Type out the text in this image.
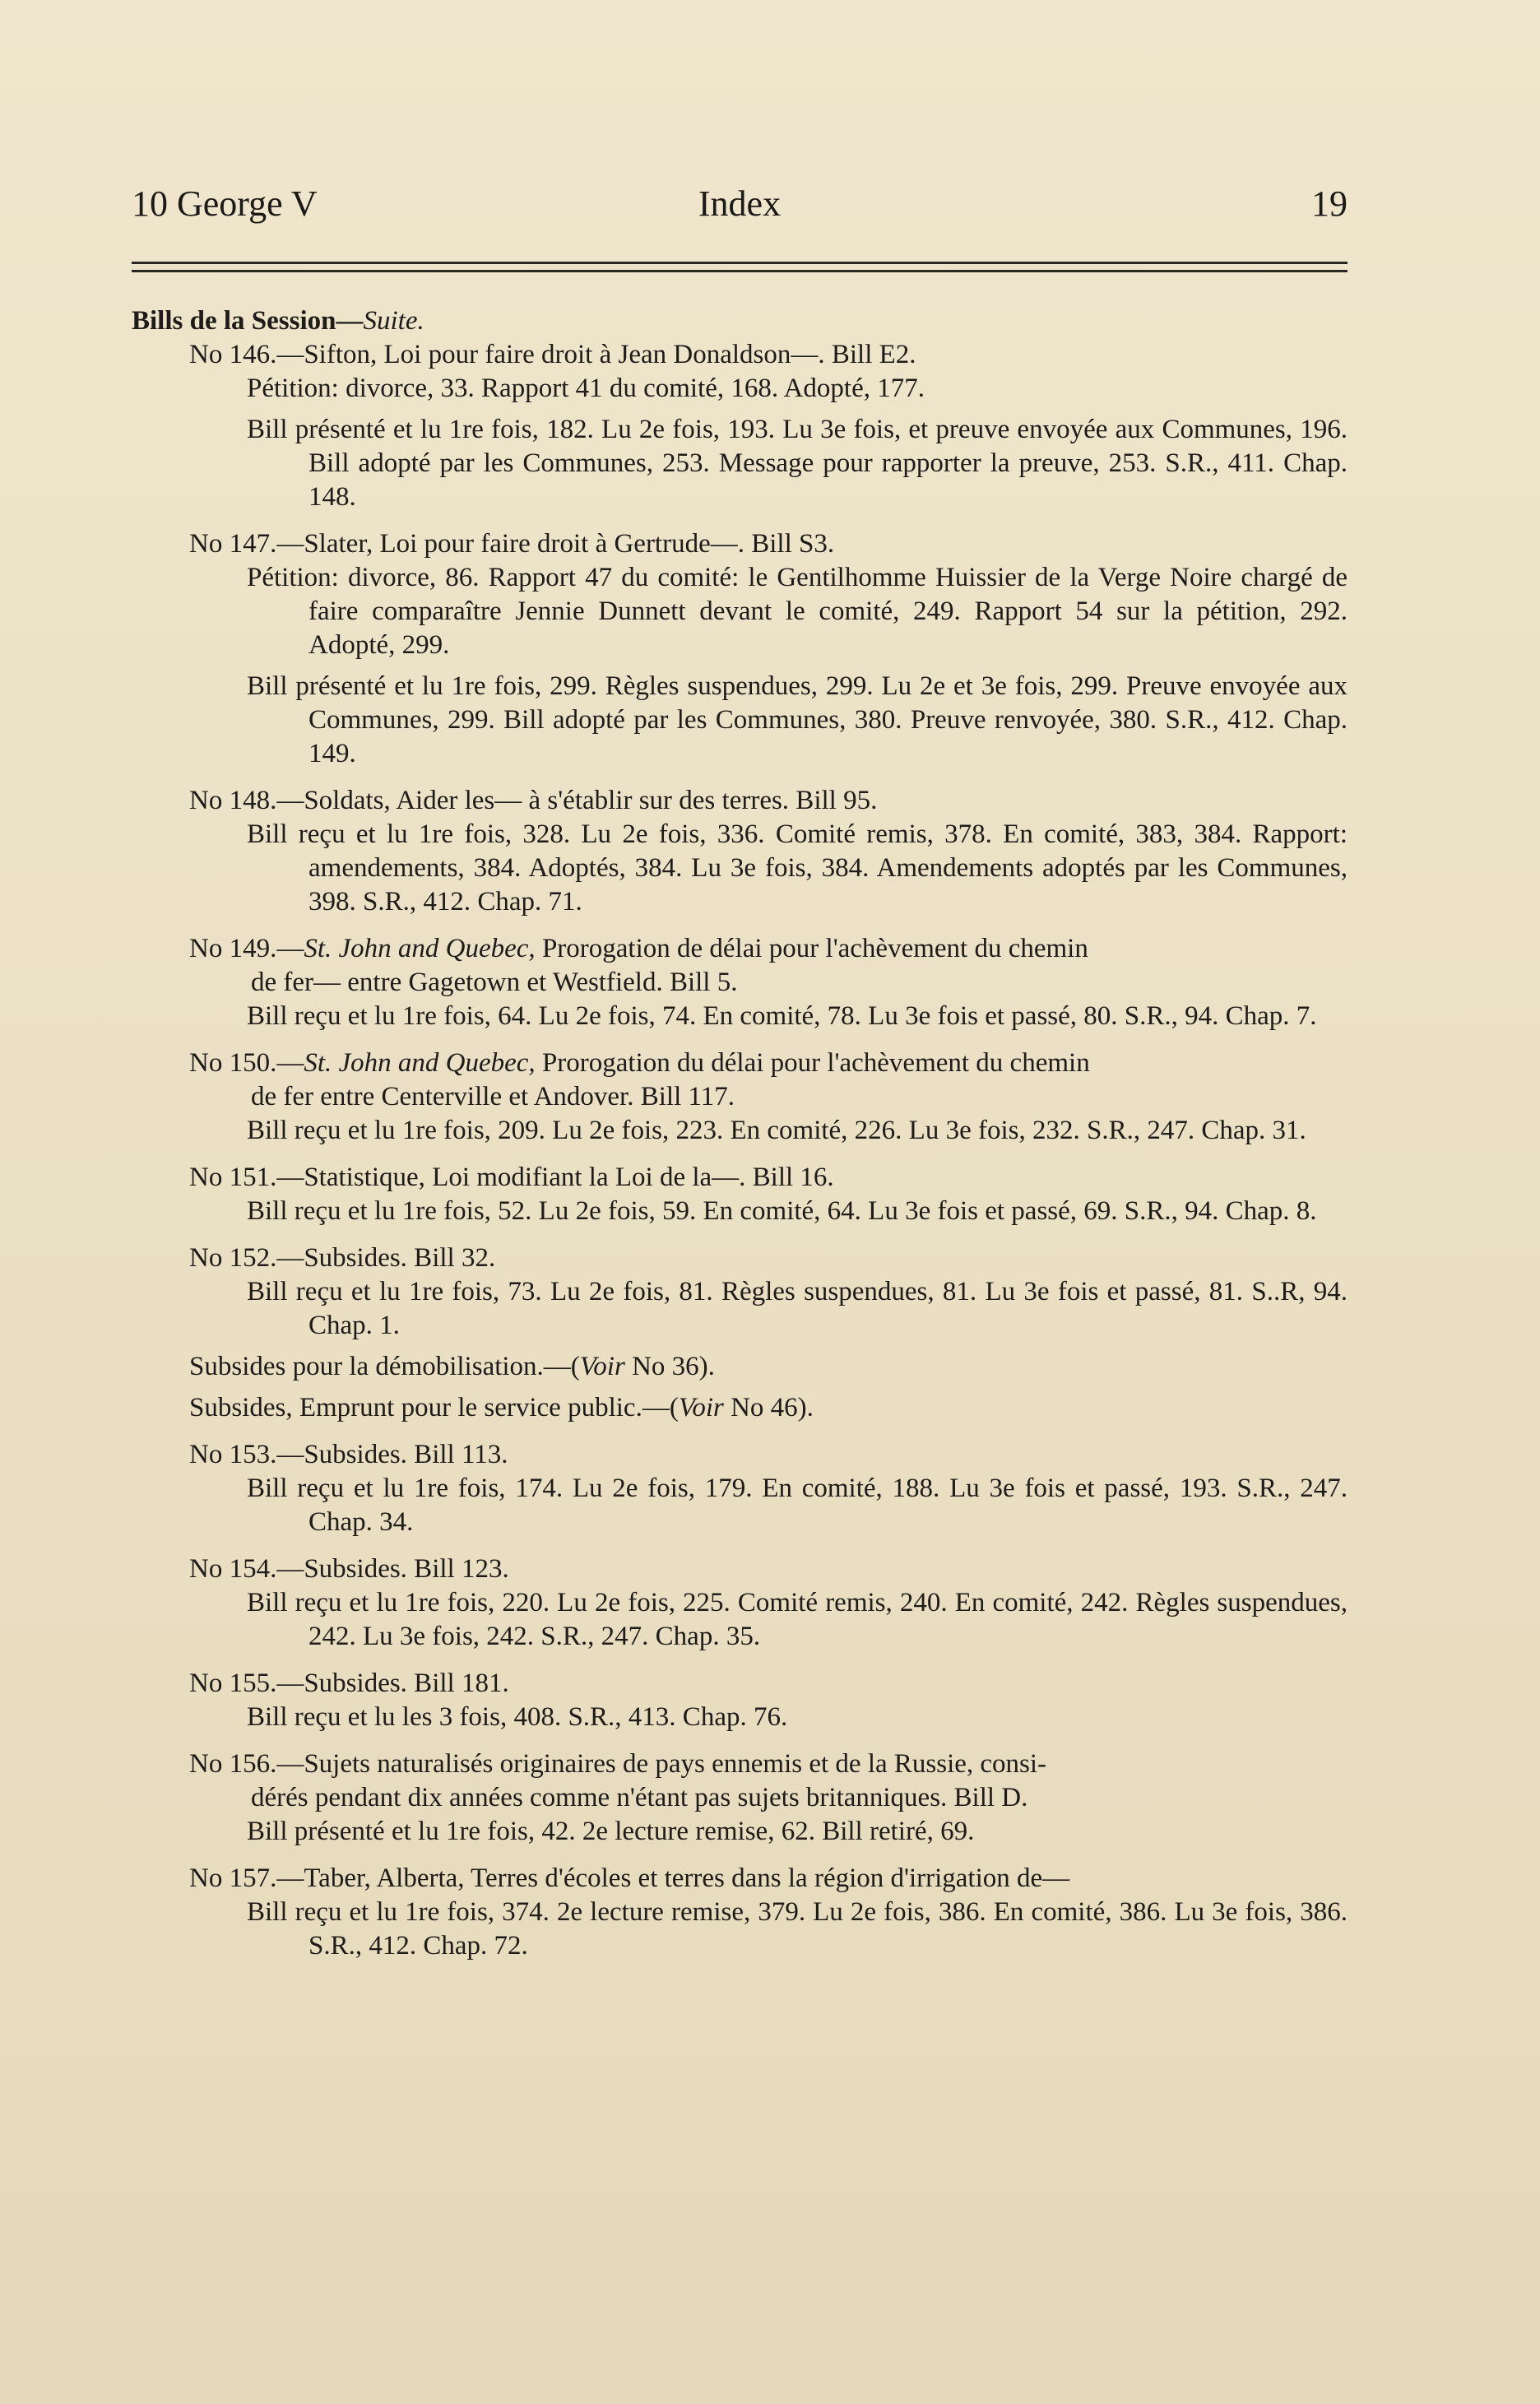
10 George V	Index	19
Bills de la Session—Suite.
No 146.—Sifton, Loi pour faire droit à Jean Donaldson—. Bill E2.
Pétition: divorce, 33. Rapport 41 du comité, 168. Adopté, 177.
Bill présenté et lu 1re fois, 182. Lu 2e fois, 193. Lu 3e fois, et preuve envoyée aux Communes, 196. Bill adopté par les Communes, 253. Message pour rapporter la preuve, 253. S.R., 411. Chap. 148.
No 147.—Slater, Loi pour faire droit à Gertrude—. Bill S3.
Pétition: divorce, 86. Rapport 47 du comité: le Gentilhomme Huissier de la Verge Noire chargé de faire comparaître Jennie Dunnett devant le comité, 249. Rapport 54 sur la pétition, 292. Adopté, 299.
Bill présenté et lu 1re fois, 299. Règles suspendues, 299. Lu 2e et 3e fois, 299. Preuve envoyée aux Communes, 299. Bill adopté par les Communes, 380. Preuve renvoyée, 380. S.R., 412. Chap. 149.
No 148.—Soldats, Aider les— à s'établir sur des terres. Bill 95.
Bill reçu et lu 1re fois, 328. Lu 2e fois, 336. Comité remis, 378. En comité, 383, 384. Rapport: amendements, 384. Adoptés, 384. Lu 3e fois, 384. Amendements adoptés par les Communes, 398. S.R., 412. Chap. 71.
No 149.—St. John and Quebec, Prorogation de délai pour l'achèvement du chemin
de fer— entre Gagetown et Westfield. Bill 5.
Bill reçu et lu 1re fois, 64. Lu 2e fois, 74. En comité, 78. Lu 3e fois et passé, 80. S.R., 94. Chap. 7.
No 150.—St. John and Quebec, Prorogation du délai pour l'achèvement du chemin
de fer entre Centerville et Andover. Bill 117.
Bill reçu et lu 1re fois, 209. Lu 2e fois, 223. En comité, 226. Lu 3e fois, 232. S.R., 247. Chap. 31.
No 151.—Statistique, Loi modifiant la Loi de la—. Bill 16.
Bill reçu et lu 1re fois, 52. Lu 2e fois, 59. En comité, 64. Lu 3e fois et passé, 69. S.R., 94. Chap. 8.
No 152.—Subsides. Bill 32.
Bill reçu et lu 1re fois, 73. Lu 2e fois, 81. Règles suspendues, 81. Lu 3e fois et passé, 81. S..R, 94. Chap. 1.
Subsides pour la démobilisation.—(Voir No 36).
Subsides, Emprunt pour le service public.—(Voir No 46).
No 153.—Subsides. Bill 113.
Bill reçu et lu 1re fois, 174. Lu 2e fois, 179. En comité, 188. Lu 3e fois et passé, 193. S.R., 247. Chap. 34.
No 154.—Subsides. Bill 123.
Bill reçu et lu 1re fois, 220. Lu 2e fois, 225. Comité remis, 240. En comité, 242. Règles suspendues, 242. Lu 3e fois, 242. S.R., 247. Chap. 35.
No 155.—Subsides. Bill 181.
Bill reçu et lu les 3 fois, 408. S.R., 413. Chap. 76.
No 156.—Sujets naturalisés originaires de pays ennemis et de la Russie, consi-
dérés pendant dix années comme n'étant pas sujets britanniques. Bill D.
Bill présenté et lu 1re fois, 42. 2e lecture remise, 62. Bill retiré, 69.
No 157.—Taber, Alberta, Terres d'écoles et terres dans la région d'irrigation de—
Bill reçu et lu 1re fois, 374. 2e lecture remise, 379. Lu 2e fois, 386. En comité, 386. Lu 3e fois, 386. S.R., 412. Chap. 72.
